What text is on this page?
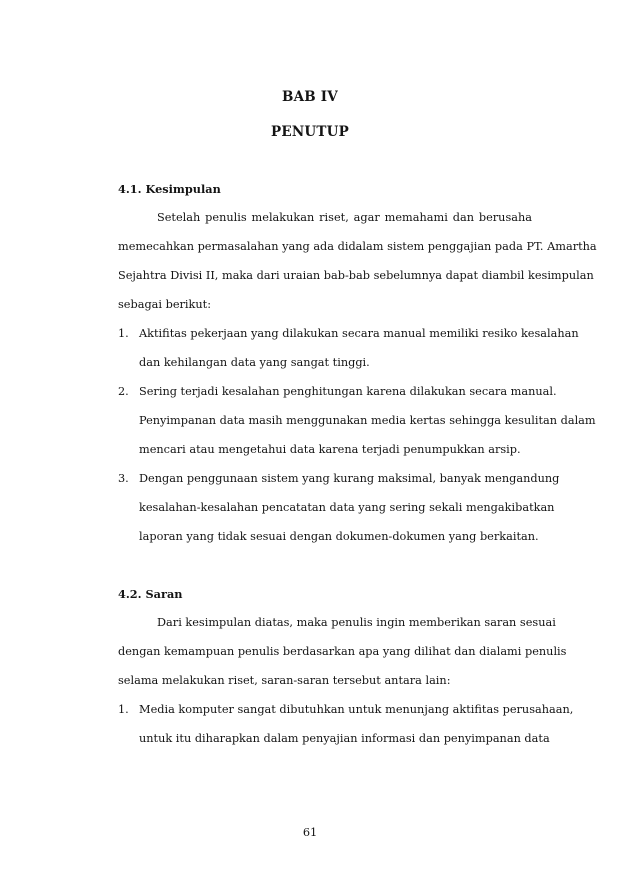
BAB IV
PENUTUP
4.1. Kesimpulan
Setelah penulis melakukan riset, agar memahami dan berusaha
memecahkan permasalahan yang ada didalam sistem penggajian pada PT. Amartha
Sejahtra Divisi II, maka dari uraian bab-bab sebelumnya dapat diambil kesimpulan
sebagai berikut:
1. Aktifitas pekerjaan yang dilakukan secara manual memiliki resiko kesalahan
dan kehilangan data yang sangat tinggi.
2. Sering terjadi kesalahan penghitungan karena dilakukan secara manual.
Penyimpanan data masih menggunakan media kertas sehingga kesulitan dalam
mencari atau mengetahui data karena terjadi penumpukkan arsip.
3. Dengan penggunaan sistem yang kurang maksimal, banyak mengandung
kesalahan-kesalahan pencatatan data yang sering sekali mengakibatkan
laporan yang tidak sesuai dengan dokumen-dokumen yang berkaitan.
4.2. Saran
Dari kesimpulan diatas, maka penulis ingin memberikan saran sesuai
dengan kemampuan penulis berdasarkan apa yang dilihat dan dialami penulis
selama melakukan riset, saran-saran tersebut antara lain:
1. Media komputer sangat dibutuhkan untuk menunjang aktifitas perusahaan,
untuk itu diharapkan dalam penyajian informasi dan penyimpanan data
61
